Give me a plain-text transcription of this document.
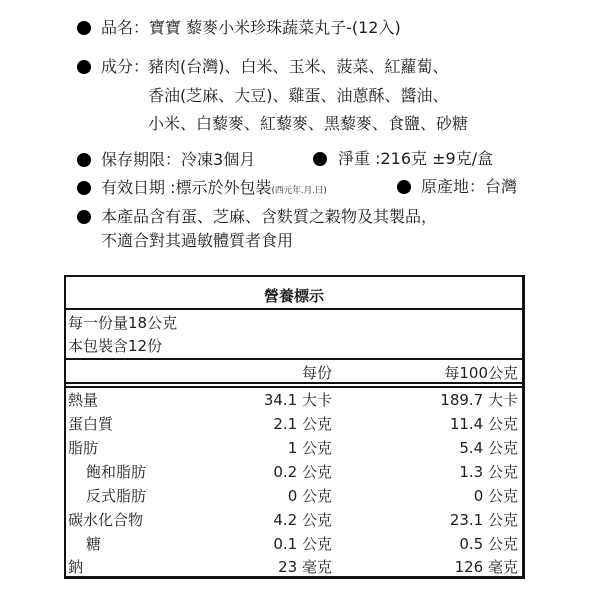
品名：寶寶 藜麥小米珍珠蔬菜丸子-(12入)
成分：
豬肉(台灣)、白米、玉米、菠菜、紅蘿蔔、
香油(芝麻、大豆)、雞蛋、油蔥酥、醬油、
小米、白藜麥、紅藜麥、黑藜麥、食鹽、砂糖
保存期限：冷凍3個月	淨重 :216克 ±9克/盒
有效日期 :標示於外包裝(西元年.月.日)	原產地：台灣
本產品含有蛋、芝麻、含麩質之穀物及其製品，
不適合對其過敏體質者食用
營養標示
每一份量18公克
本包裝含12份
每份	每100公克
熱量	34.1 大卡	189.7 大卡
蛋白質	2.1 公克	11.4 公克
脂肪	1 公克	5.4 公克
飽和脂肪	0.2 公克	1.3 公克
反式脂肪	0 公克	0 公克
碳水化合物	4.2 公克	23.1 公克
糖	0.1 公克	0.5 公克
鈉	23 毫克	126 毫克
